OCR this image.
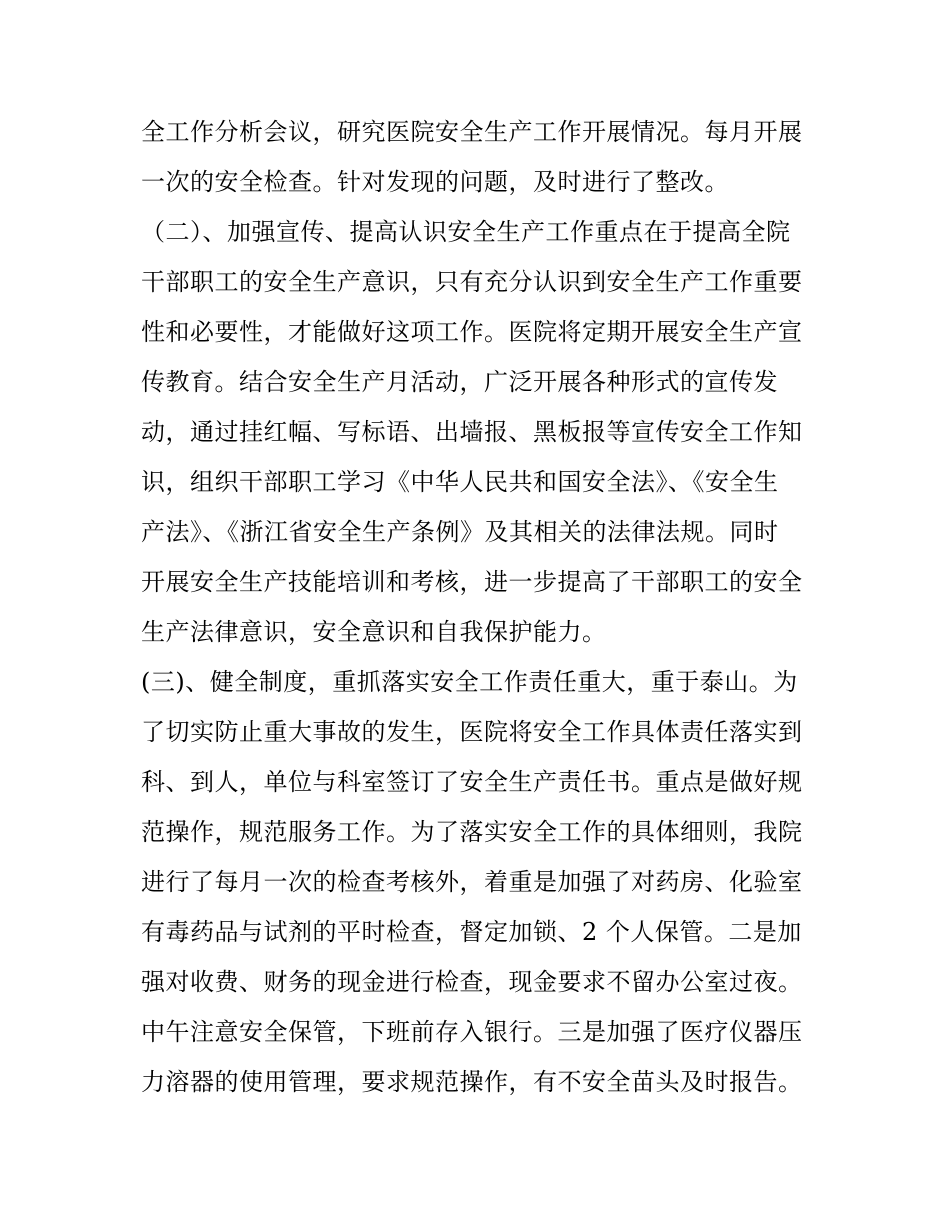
全工作分析会议，研究医院安全生产工作开展情况。每月开展
一次的安全检查。针对发现的问题，及时进行了整改。
（二）、加强宣传、提高认识安全生产工作重点在于提高全院
干部职工的安全生产意识，只有充分认识到安全生产工作重要
性和必要性，才能做好这项工作。医院将定期开展安全生产宣
传教育。结合安全生产月活动，广泛开展各种形式的宣传发
动，通过挂红幅、写标语、出墙报、黑板报等宣传安全工作知
识，组织干部职工学习《中华人民共和国安全法》、《安全生
产法》、《浙江省安全生产条例》及其相关的法律法规。同时
开展安全生产技能培训和考核，进一步提高了干部职工的安全
生产法律意识，安全意识和自我保护能力。
(三)、健全制度，重抓落实安全工作责任重大，重于泰山。为
了切实防止重大事故的发生，医院将安全工作具体责任落实到
科、到人，单位与科室签订了安全生产责任书。重点是做好规
范操作，规范服务工作。为了落实安全工作的具体细则，我院
进行了每月一次的检查考核外，着重是加强了对药房、化验室
有毒药品与试剂的平时检查，督定加锁、2 个人保管。二是加
强对收费、财务的现金进行检查，现金要求不留办公室过夜。
中午注意安全保管，下班前存入银行。三是加强了医疗仪器压
力溶器的使用管理，要求规范操作，有不安全苗头及时报告。
